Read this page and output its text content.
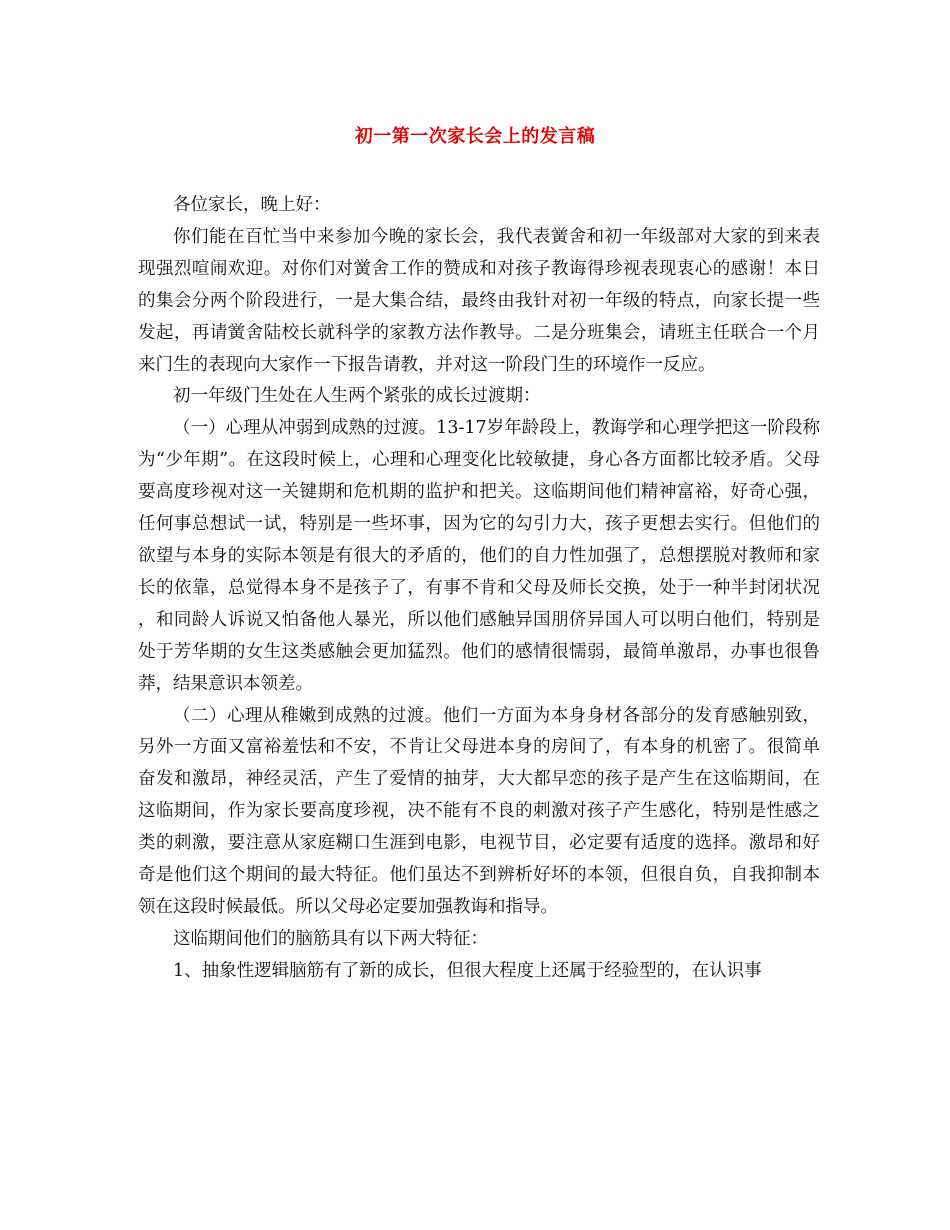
初一第一次家长会上的发言稿

各位家长，晚上好：

你们能在百忙当中来参加今晚的家长会，我代表黉舍和初一年级部对大家的到来表现强烈喧闹欢迎。对你们对黉舍工作的赞成和对孩子教诲得珍视表现衷心的感谢！本日的集会分两个阶段进行，一是大集合结，最终由我针对初一年级的特点，向家长提一些发起，再请黉舍陆校长就科学的家教方法作教导。二是分班集会，请班主任联合一个月来门生的表现向大家作一下报告请教，并对这一阶段门生的环境作一反应。

初一年级门生处在人生两个紧张的成长过渡期：

（一）心理从冲弱到成熟的过渡。13-17岁年龄段上，教诲学和心理学把这一阶段称为“少年期”。在这段时候上，心理和心理变化比较敏捷，身心各方面都比较矛盾。父母要高度珍视对这一关键期和危机期的监护和把关。这临期间他们精神富裕，好奇心强，任何事总想试一试，特别是一些坏事，因为它的勾引力大，孩子更想去实行。但他们的欲望与本身的实际本领是有很大的矛盾的，他们的自力性加强了，总想摆脱对教师和家长的依靠，总觉得本身不是孩子了，有事不肯和父母及师长交换，处于一种半封闭状况，和同龄人诉说又怕备他人暴光，所以他们感触异国朋侪异国人可以明白他们，特别是处于芳华期的女生这类感触会更加猛烈。他们的感情很懦弱，最简单激昂，办事也很鲁莽，结果意识本领差。

（二）心理从稚嫩到成熟的过渡。他们一方面为本身身材各部分的发育感触别致，另外一方面又富裕羞怯和不安，不肯让父母进本身的房间了，有本身的机密了。很简单奋发和激昂，神经灵活，产生了爱情的抽芽，大大都早恋的孩子是产生在这临期间，在这临期间，作为家长要高度珍视，决不能有不良的刺激对孩子产生感化，特别是性感之类的刺激，要注意从家庭糊口生涯到电影，电视节目，必定要有适度的选择。激昂和好奇是他们这个期间的最大特征。他们虽达不到辨析好坏的本领，但很自负，自我抑制本领在这段时候最低。所以父母必定要加强教诲和指导。

这临期间他们的脑筋具有以下两大特征：

1、抽象性逻辑脑筋有了新的成长，但很大程度上还属于经验型的，在认识事
